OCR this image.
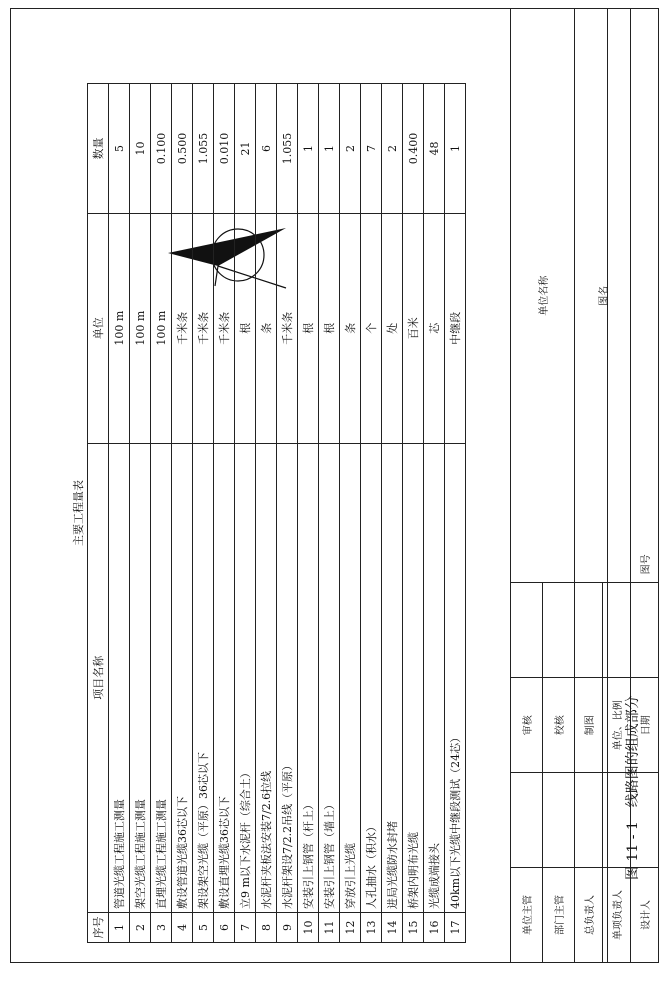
主要工程量表
序号	项目名称	单位	数量
1	管道光缆工程施工测量	100 m	5
2	架空光缆工程施工测量	100 m	10
3	直埋光缆工程施工测量	100 m	0.100
4	敷设管道光缆36芯以下	千米条	0.500
5	架设架空光缆（平原）36芯以下	千米条	1.055
6	敷设直埋光缆36芯以下	千米条	0.010
7	立9 m以下水泥杆（综合土）	根	21
8	水泥杆夹板法安装7/2.6拉线	条	6
9	水泥杆架设7/2.2吊线（平原）	千米条	1.055
10	安装引上钢管（杆上）	根	1
11	安装引上钢管（墙上）	根	1
12	穿放引上光缆	条	2
13	人孔抽水（积水）	个	7
14	进局光缆防水封堵	处	2
15	桥架内明布光缆	百米	0.400
16	光缆成端接头	芯	48
17	40km以下光缆中继段测试（24芯）	中继段	1
单位主管		审核		单位名称
部门主管		校核		
总负责人		制图		图名
单项负责人		单位、比例		
设计人		日期		图号
图 11 - 1　线路图的组成部分
